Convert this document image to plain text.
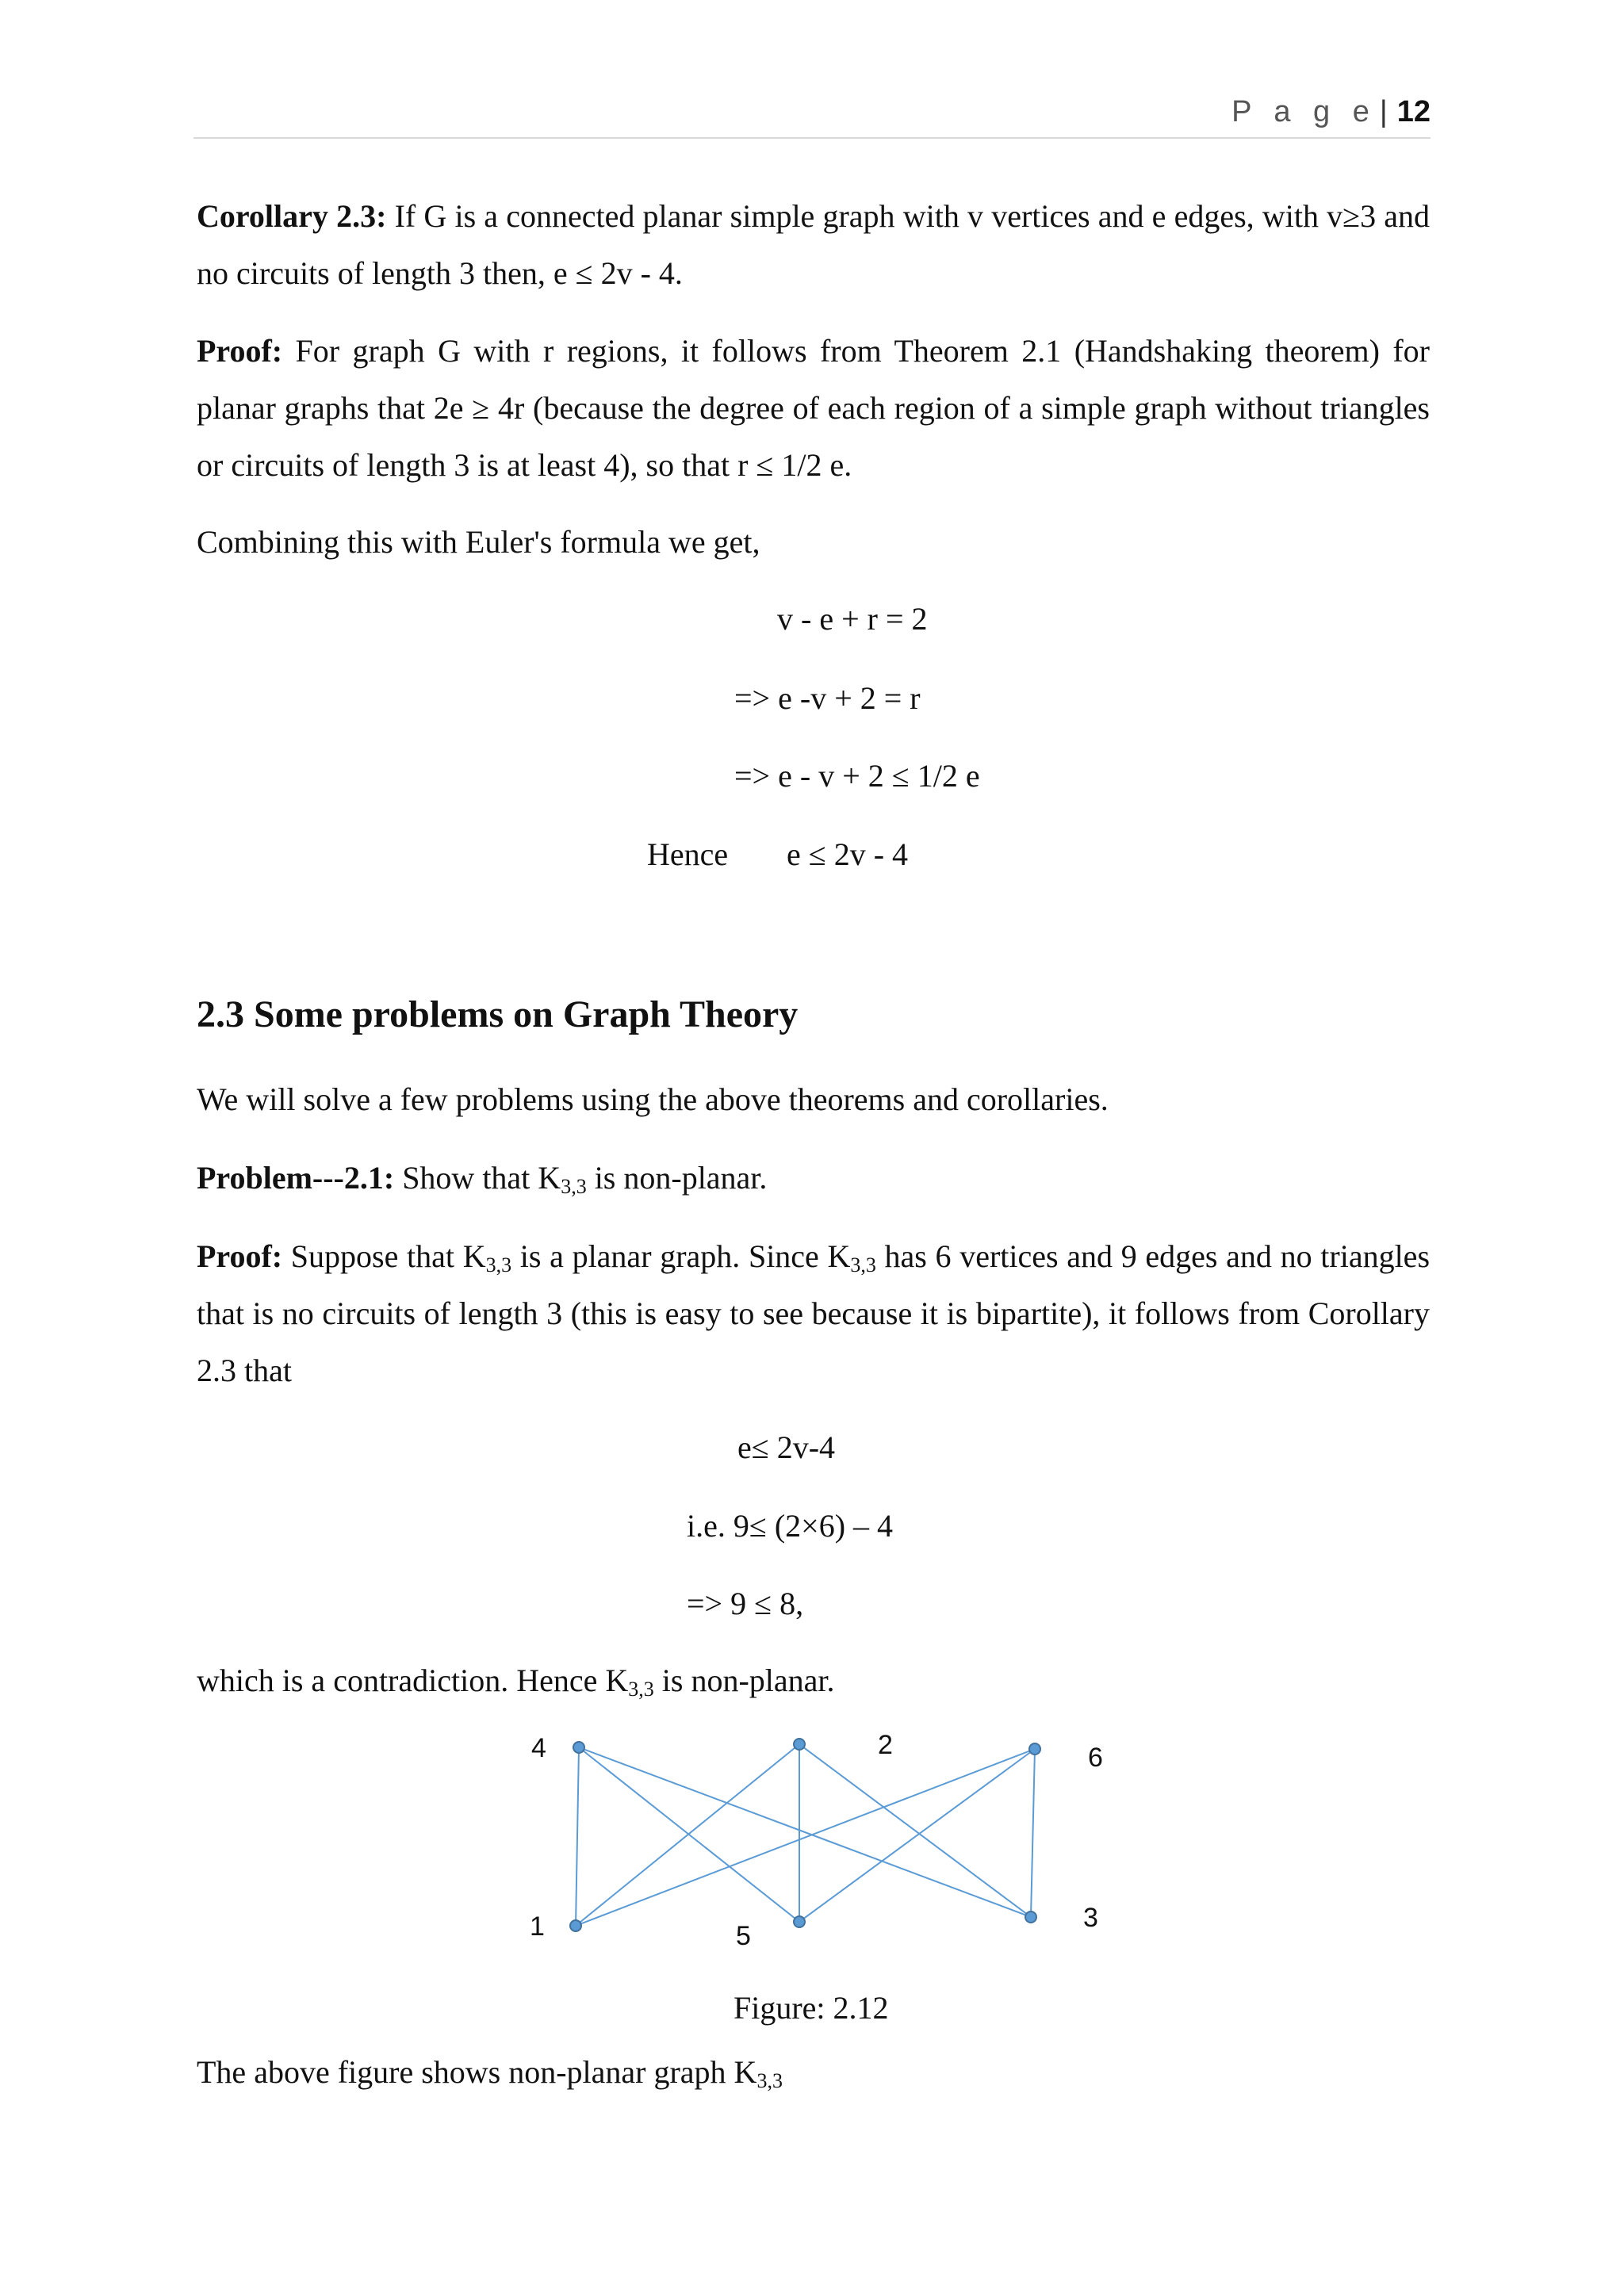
P a g e | 12
Corollary 2.3: If G is a connected planar simple graph with v vertices and e edges, with v≥3 and no circuits of length 3 then, e ≤ 2v - 4.
Proof: For graph G with r regions, it follows from Theorem 2.1 (Handshaking theorem) for planar graphs that 2e ≥ 4r (because the degree of each region of a simple graph without triangles or circuits of length 3 is at least 4), so that r ≤ 1/2 e.
Combining this with Euler's formula we get,
v - e + r = 2
=> e -v + 2 = r
=> e - v + 2 ≤ 1/2 e
Hence e ≤ 2v - 4
2.3 Some problems on Graph Theory
We will solve a few problems using the above theorems and corollaries.
Problem---2.1: Show that $K_{3,3}$ is non-planar.
Proof: Suppose that $K_{3,3}$ is a planar graph. Since $K_{3,3}$ has 6 vertices and 9 edges and no triangles that is no circuits of length 3 (this is easy to see because it is bipartite), it follows from Corollary 2.3 that
e≤ 2v-4
i.e. 9≤ (2×6) – 4
=> 9 ≤ 8,
which is a contradiction. Hence $K_{3,3}$ is non-planar.
4	2	6
1	5
3
Figure: 2.12
The above figure shows non-planar graph $K_{3,3}$
